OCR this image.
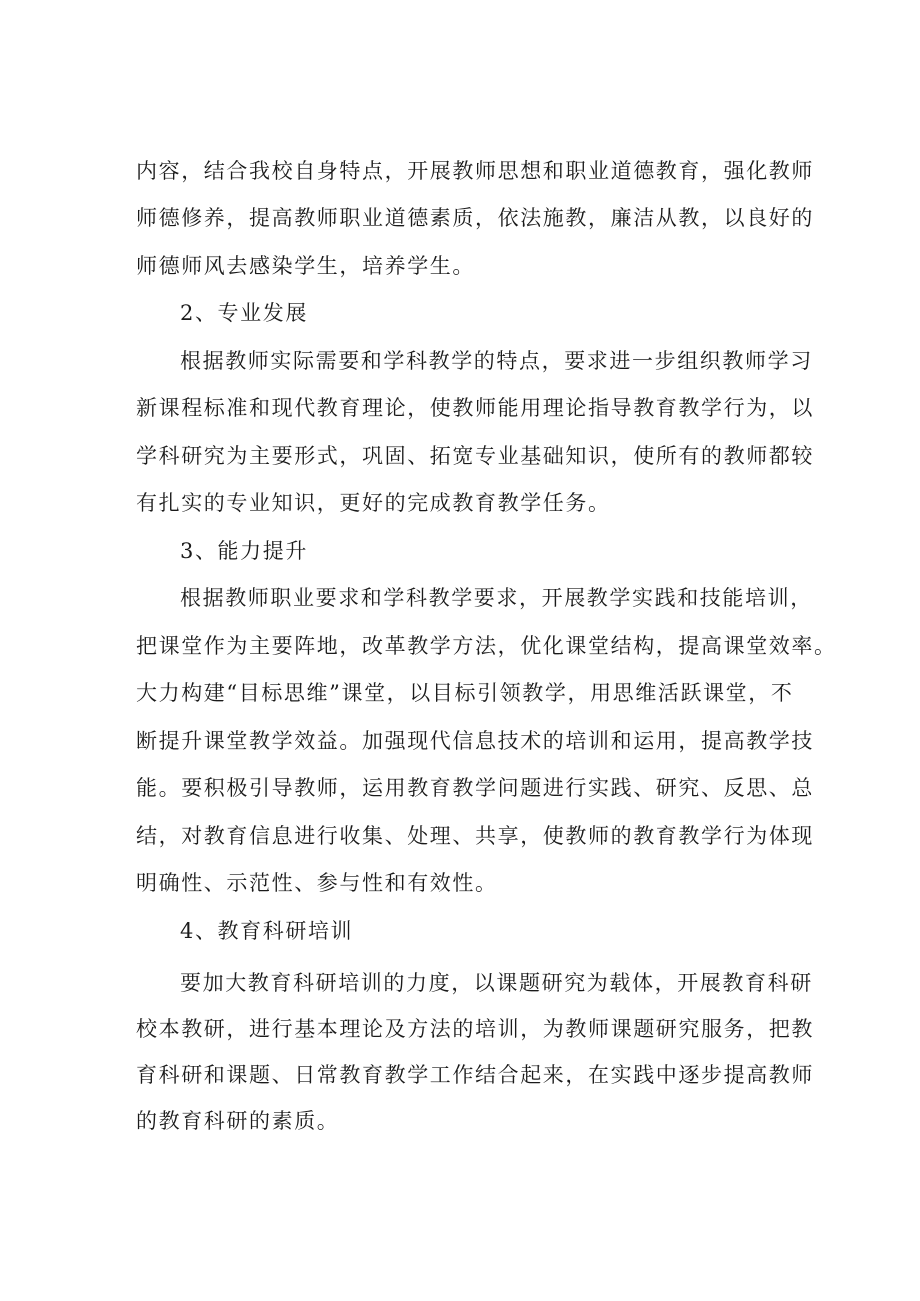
内容，结合我校自身特点，开展教师思想和职业道德教育，强化教师
师德修养，提高教师职业道德素质，依法施教，廉洁从教，以良好的
师德师风去感染学生，培养学生。
2、专业发展
根据教师实际需要和学科教学的特点，要求进一步组织教师学习
新课程标准和现代教育理论，使教师能用理论指导教育教学行为，以
学科研究为主要形式，巩固、拓宽专业基础知识，使所有的教师都较
有扎实的专业知识，更好的完成教育教学任务。
3、能力提升
根据教师职业要求和学科教学要求，开展教学实践和技能培训，
把课堂作为主要阵地，改革教学方法，优化课堂结构，提高课堂效率。
大力构建“目标思维”课堂，以目标引领教学，用思维活跃课堂，不
断提升课堂教学效益。加强现代信息技术的培训和运用，提高教学技
能。要积极引导教师，运用教育教学问题进行实践、研究、反思、总
结，对教育信息进行收集、处理、共享，使教师的教育教学行为体现
明确性、示范性、参与性和有效性。
4、教育科研培训
要加大教育科研培训的力度，以课题研究为载体，开展教育科研
校本教研，进行基本理论及方法的培训，为教师课题研究服务，把教
育科研和课题、日常教育教学工作结合起来，在实践中逐步提高教师
的教育科研的素质。
